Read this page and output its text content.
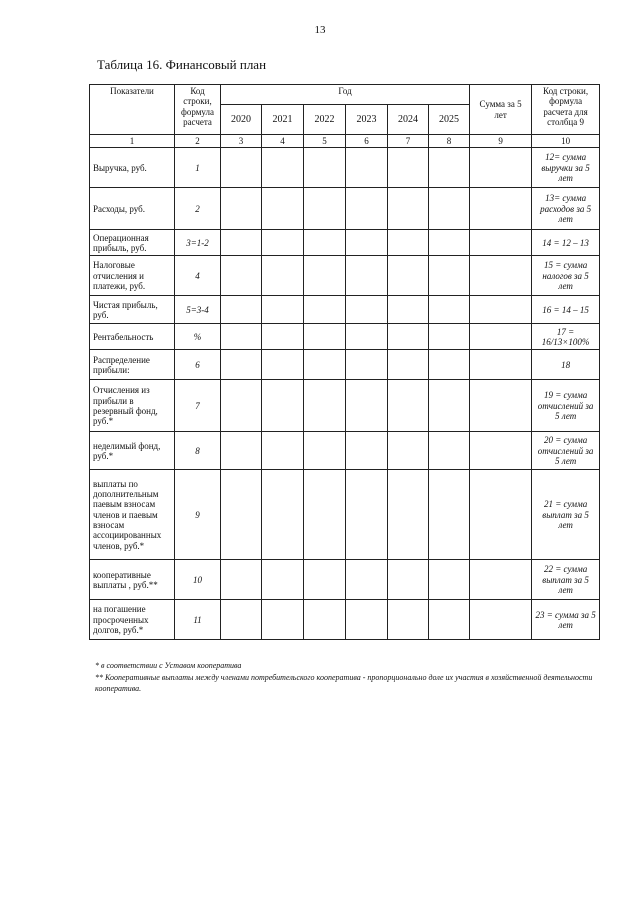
13
Таблица 16. Финансовый план
Показатели	Код строки, формула расчета	Год						Сумма за 5 лет	Код строки, формула расчета для столбца 9
		2020	2021	2022	2023	2024	2025		
1	2	3	4	5	6	7	8	9	10
Выручка, руб.	1								12= сумма выручки за 5 лет
Расходы, руб.	2								13= сумма расходов за 5 лет
Операционная прибыль, руб.	3=1-2								14 = 12 – 13
Налоговые отчисления и платежи, руб.	4								15 = сумма налогов за 5 лет
Чистая прибыль, руб.	5=3-4								16 = 14 – 15
Рентабельность	%								17 = 16/13×100%
Распределение прибыли:	6								18
Отчисления из прибыли в резервный фонд, руб.*	7								19 = сумма отчислений за 5 лет
неделимый фонд, руб.*	8								20 = сумма отчислений за 5 лет
выплаты по дополнительным паевым взносам членов и паевым взносам ассоциированных членов, руб.*	9								21 = сумма выплат за 5 лет
кооперативные выплаты , руб.**	10								22 = сумма выплат за 5 лет
на погашение просроченных долгов, руб.*	11								23 = сумма за 5 лет

* в соответствии с Уставом кооператива

** Кооперативные выплаты между членами потребительского кооператива - пропорционально доле их участия в хозяйственной деятельности кооператива.
